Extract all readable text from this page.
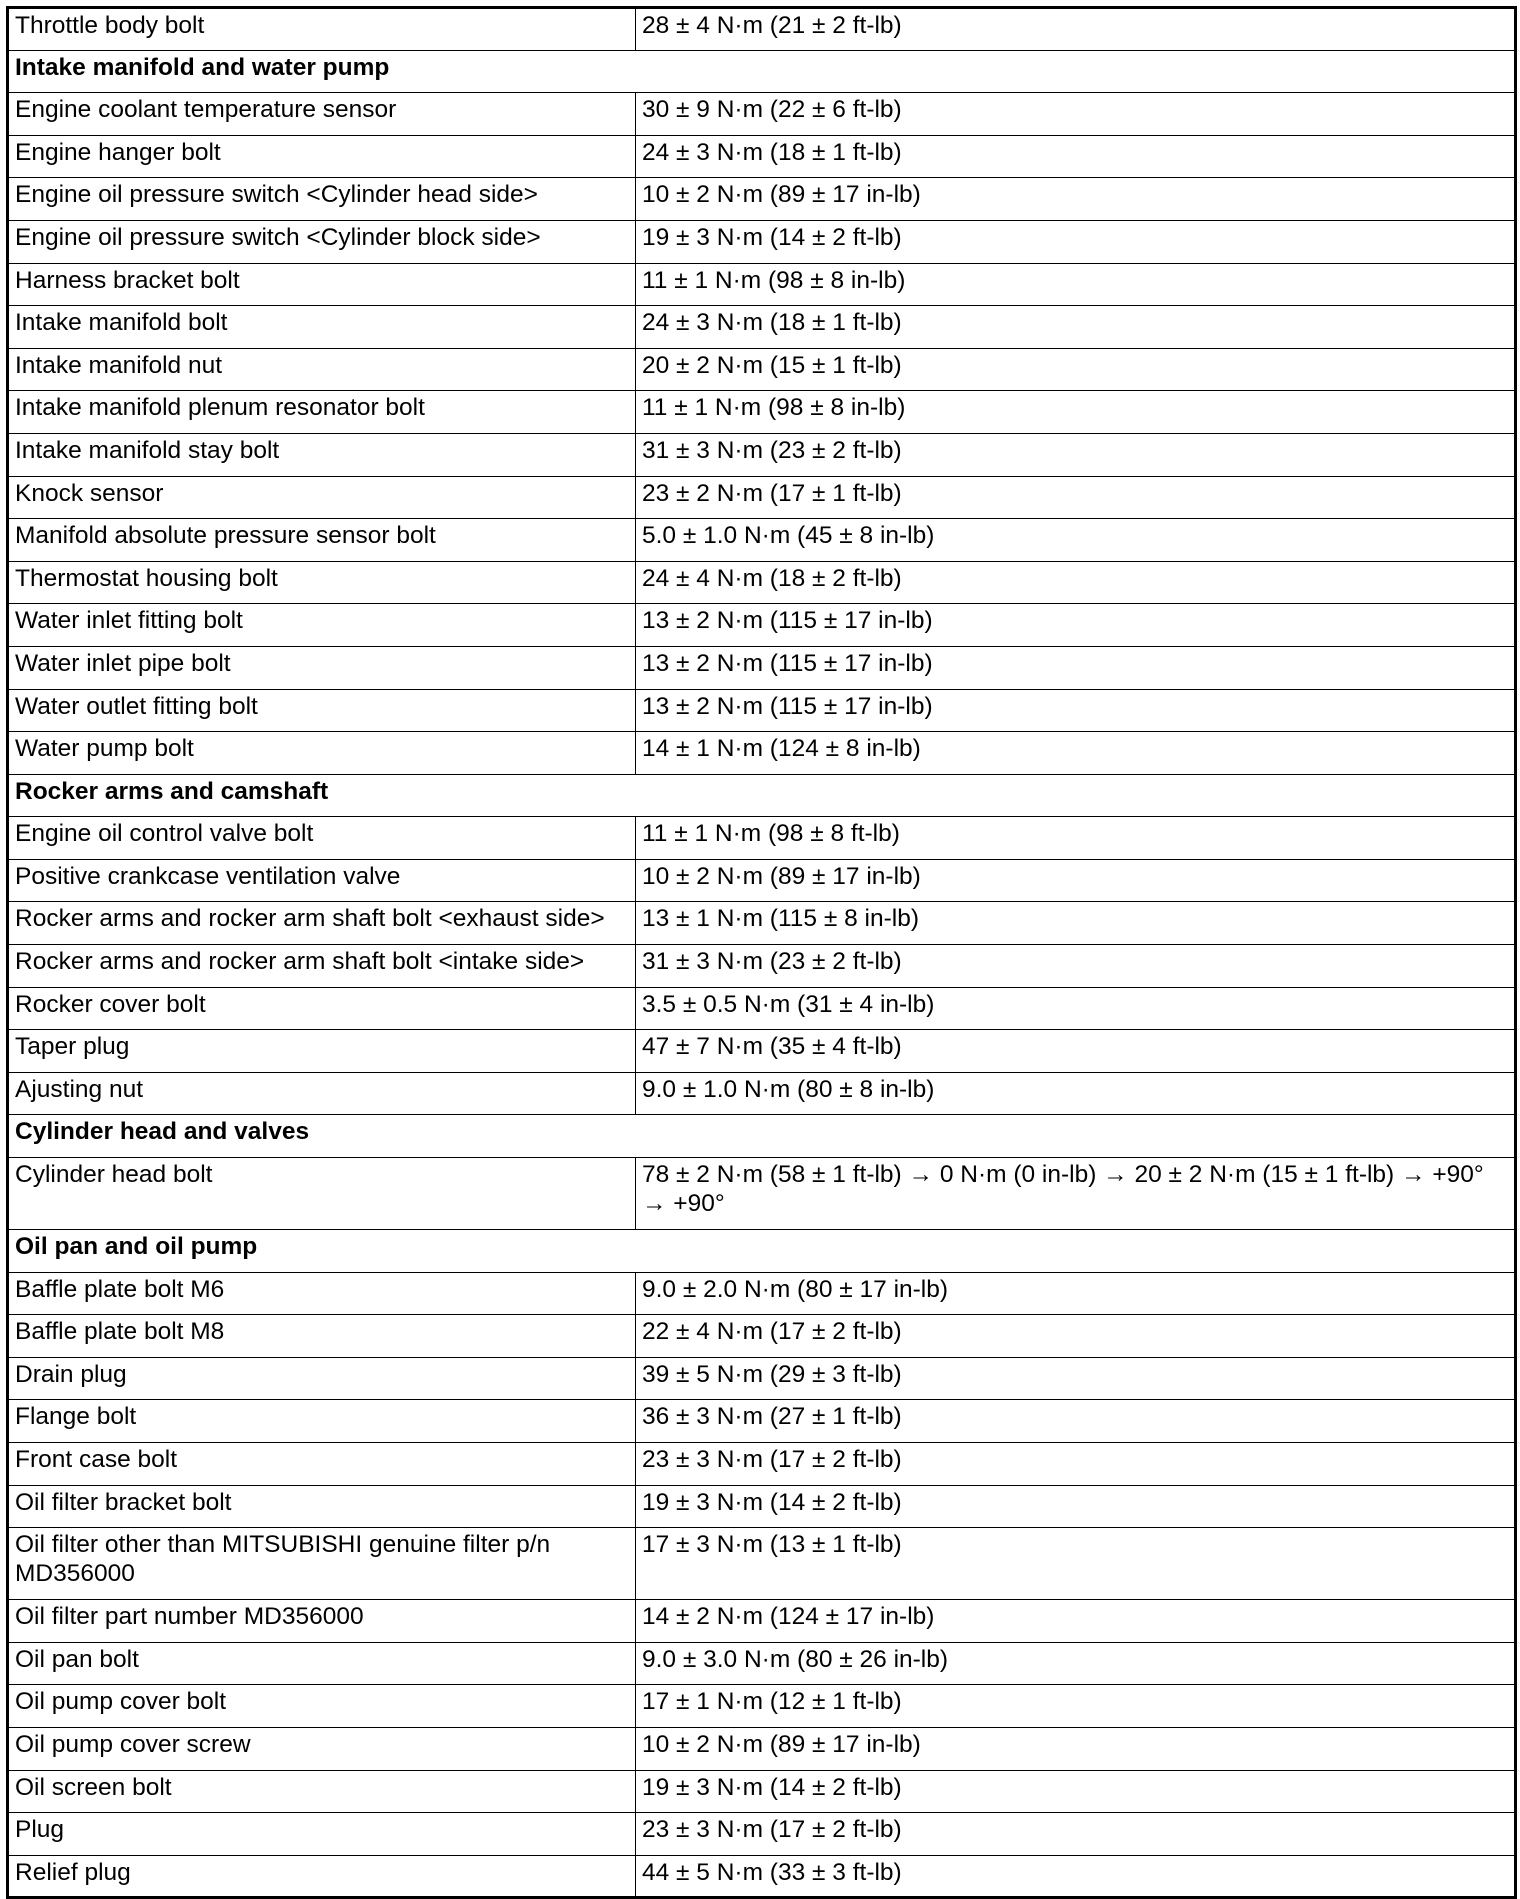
Throttle body bolt	28 ± 4 N·m (21 ± 2 ft-lb)
Intake manifold and water pump	
Engine coolant temperature sensor	30 ± 9 N·m (22 ± 6 ft-lb)
Engine hanger bolt	24 ± 3 N·m (18 ± 1 ft-lb)
Engine oil pressure switch <Cylinder head side>	10 ± 2 N·m (89 ± 17 in-lb)
Engine oil pressure switch <Cylinder block side>	19 ± 3 N·m (14 ± 2 ft-lb)
Harness bracket bolt	11 ± 1 N·m (98 ± 8 in-lb)
Intake manifold bolt	24 ± 3 N·m (18 ± 1 ft-lb)
Intake manifold nut	20 ± 2 N·m (15 ± 1 ft-lb)
Intake manifold plenum resonator bolt	11 ± 1 N·m (98 ± 8 in-lb)
Intake manifold stay bolt	31 ± 3 N·m (23 ± 2 ft-lb)
Knock sensor	23 ± 2 N·m (17 ± 1 ft-lb)
Manifold absolute pressure sensor bolt	5.0 ± 1.0 N·m (45 ± 8 in-lb)
Thermostat housing bolt	24 ± 4 N·m (18 ± 2 ft-lb)
Water inlet fitting bolt	13 ± 2 N·m (115 ± 17 in-lb)
Water inlet pipe bolt	13 ± 2 N·m (115 ± 17 in-lb)
Water outlet fitting bolt	13 ± 2 N·m (115 ± 17 in-lb)
Water pump bolt	14 ± 1 N·m (124 ± 8 in-lb)
Rocker arms and camshaft	
Engine oil control valve bolt	11 ± 1 N·m (98 ± 8 ft-lb)
Positive crankcase ventilation valve	10 ± 2 N·m (89 ± 17 in-lb)
Rocker arms and rocker arm shaft bolt <exhaust side>	13 ± 1 N·m (115 ± 8 in-lb)
Rocker arms and rocker arm shaft bolt <intake side>	31 ± 3 N·m (23 ± 2 ft-lb)
Rocker cover bolt	3.5 ± 0.5 N·m (31 ± 4 in-lb)
Taper plug	47 ± 7 N·m (35 ± 4 ft-lb)
Ajusting nut	9.0 ± 1.0 N·m (80 ± 8 in-lb)
Cylinder head and valves	
Cylinder head bolt	78 ± 2 N·m (58 ± 1 ft-lb) → 0 N·m (0 in-lb) → 20 ± 2 N·m (15 ± 1 ft-lb) → +90° → +90°
Oil pan and oil pump	
Baffle plate bolt M6	9.0 ± 2.0 N·m (80 ± 17 in-lb)
Baffle plate bolt M8	22 ± 4 N·m (17 ± 2 ft-lb)
Drain plug	39 ± 5 N·m (29 ± 3 ft-lb)
Flange bolt	36 ± 3 N·m (27 ± 1 ft-lb)
Front case bolt	23 ± 3 N·m (17 ± 2 ft-lb)
Oil filter bracket bolt	19 ± 3 N·m (14 ± 2 ft-lb)
Oil filter other than MITSUBISHI genuine filter p/n MD356000	17 ± 3 N·m (13 ± 1 ft-lb)
Oil filter part number MD356000	14 ± 2 N·m (124 ± 17 in-lb)
Oil pan bolt	9.0 ± 3.0 N·m (80 ± 26 in-lb)
Oil pump cover bolt	17 ± 1 N·m (12 ± 1 ft-lb)
Oil pump cover screw	10 ± 2 N·m (89 ± 17 in-lb)
Oil screen bolt	19 ± 3 N·m (14 ± 2 ft-lb)
Plug	23 ± 3 N·m (17 ± 2 ft-lb)
Relief plug	44 ± 5 N·m (33 ± 3 ft-lb)
